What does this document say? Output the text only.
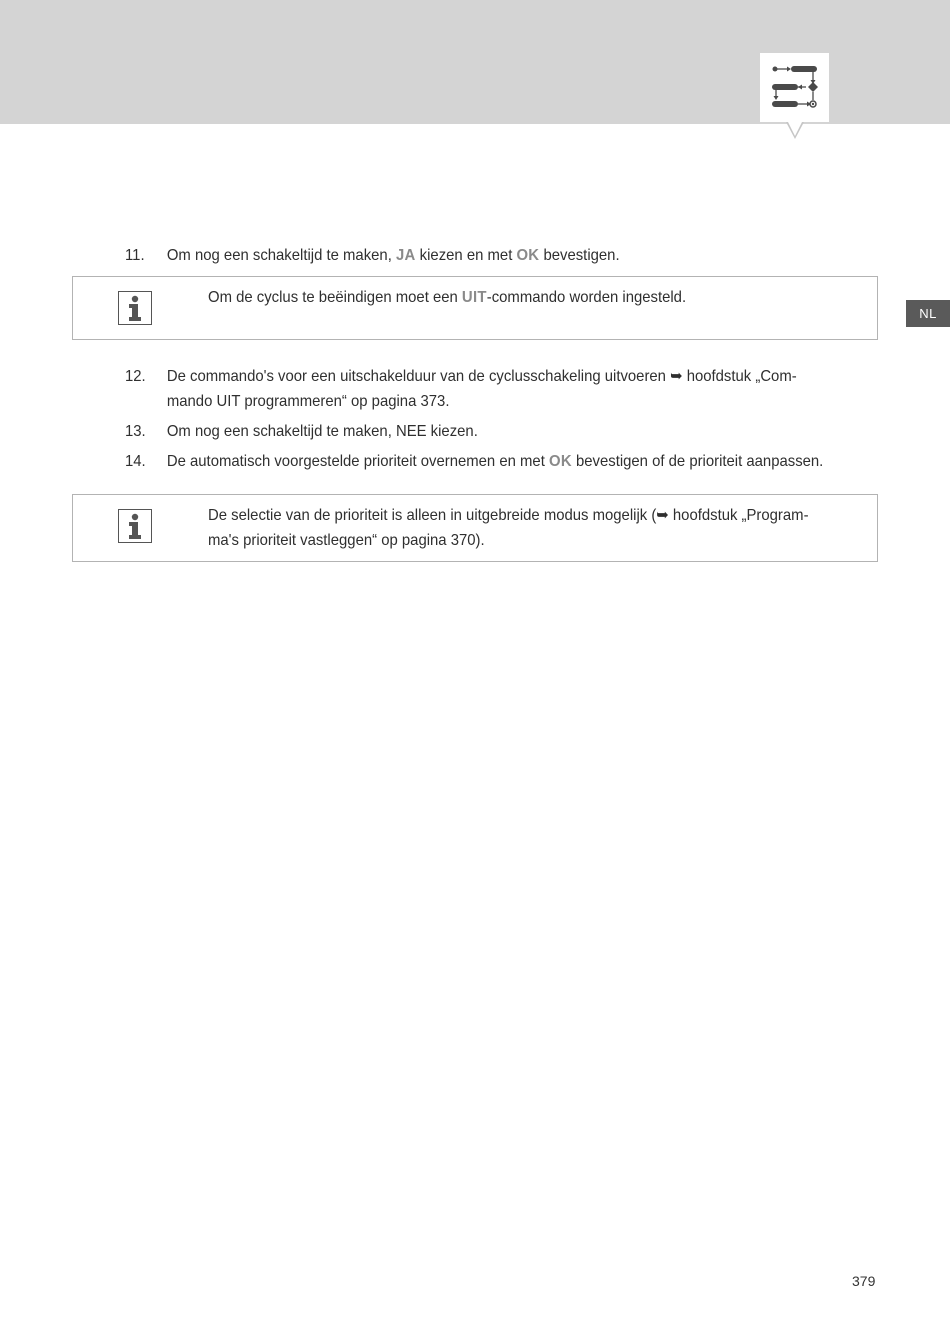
NL
11. Om nog een schakeltijd te maken, JA kiezen en met OK bevestigen.
Om de cyclus te beëindigen moet een UIT-commando worden ingesteld.
12. De commando's voor een uitschakelduur van de cyclusschakeling uitvoeren ➥ hoofdstuk „Com-
mando UIT programmeren“ op pagina 373.
13. Om nog een schakeltijd te maken, NEE kiezen.
14. De automatisch voorgestelde prioriteit overnemen en met OK bevestigen of de prioriteit aanpassen.
De selectie van de prioriteit is alleen in uitgebreide modus mogelijk (➥ hoofdstuk „Program-
ma's prioriteit vastleggen“ op pagina 370).
379
